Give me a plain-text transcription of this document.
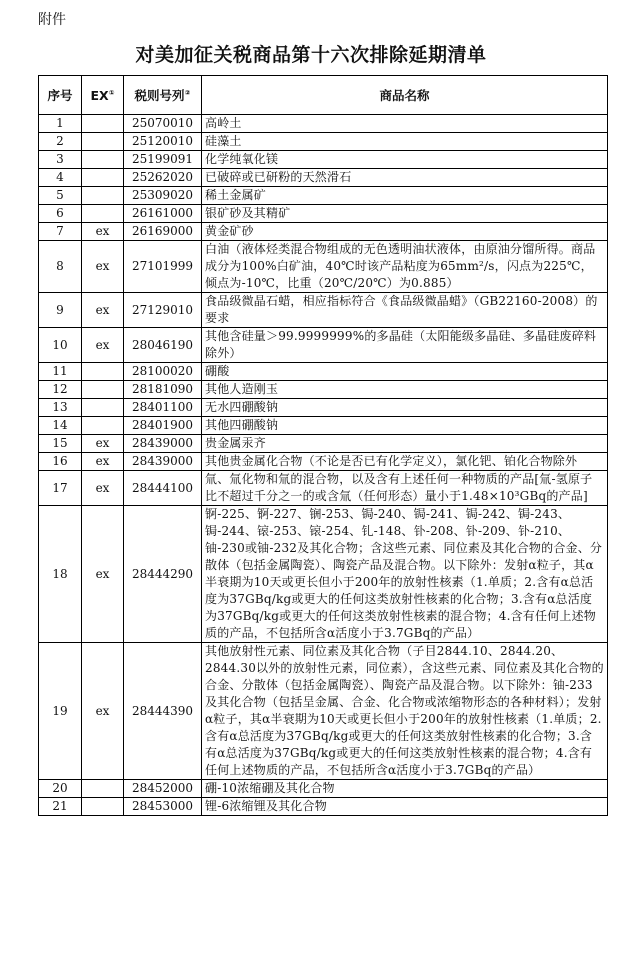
附件
对美加征关税商品第十六次排除延期清单
序号	EX①	税则号列②	商品名称
1		25070010	高岭土
2		25120010	硅藻土
3		25199091	化学纯氧化镁
4		25262020	已破碎或已研粉的天然滑石
5		25309020	稀土金属矿
6		26161000	银矿砂及其精矿
7	ex	26169000	黄金矿砂
8	ex	27101999	白油（液体烃类混合物组成的无色透明油状液体，由原油分馏所得。商品成分为100%白矿油，40℃时该产品粘度为65mm²/s，闪点为225℃，倾点为-10℃，比重（20℃/20℃）为0.885）
9	ex	27129010	食品级微晶石蜡，相应指标符合《食品级微晶蜡》（GB22160-2008）的要求
10	ex	28046190	其他含硅量＞99.9999999%的多晶硅（太阳能级多晶硅、多晶硅废碎料除外）
11		28100020	硼酸
12		28181090	其他人造刚玉
13		28401100	无水四硼酸钠
14		28401900	其他四硼酸钠
15	ex	28439000	贵金属汞齐
16	ex	28439000	其他贵金属化合物（不论是否已有化学定义），氯化钯、铂化合物除外
17	ex	28444100	氚、氚化物和氚的混合物，以及含有上述任何一种物质的产品[氚-氢原子比不超过千分之一的或含氚（任何形态）量小于1.48×10³GBq的产品]
18	ex	28444290	锕-225、锕-227、锎-253、锔-240、锔-241、锔-242、锔-243、锔-244、锿-253、锿-254、钆-148、钋-208、钋-209、钋-210、铀-230或铀-232及其化合物；含这些元素、同位素及其化合物的合金、分散体（包括金属陶瓷）、陶瓷产品及混合物。以下除外：发射α粒子，其α半衰期为10天或更长但小于200年的放射性核素（1.单质；2.含有α总活度为37GBq/kg或更大的任何这类放射性核素的化合物；3.含有α总活度为37GBq/kg或更大的任何这类放射性核素的混合物；4.含有任何上述物质的产品，不包括所含α活度小于3.7GBq的产品）
19	ex	28444390	其他放射性元素、同位素及其化合物（子目2844.10、2844.20、2844.30以外的放射性元素，同位素），含这些元素、同位素及其化合物的合金、分散体（包括金属陶瓷）、陶瓷产品及混合物。以下除外：铀-233及其化合物（包括呈金属、合金、化合物或浓缩物形态的各种材料）；发射α粒子，其α半衰期为10天或更长但小于200年的放射性核素（1.单质；2.含有α总活度为37GBq/kg或更大的任何这类放射性核素的化合物；3.含有α总活度为37GBq/kg或更大的任何这类放射性核素的混合物；4.含有任何上述物质的产品，不包括所含α活度小于3.7GBq的产品）
20		28452000	硼-10浓缩硼及其化合物
21		28453000	锂-6浓缩锂及其化合物
